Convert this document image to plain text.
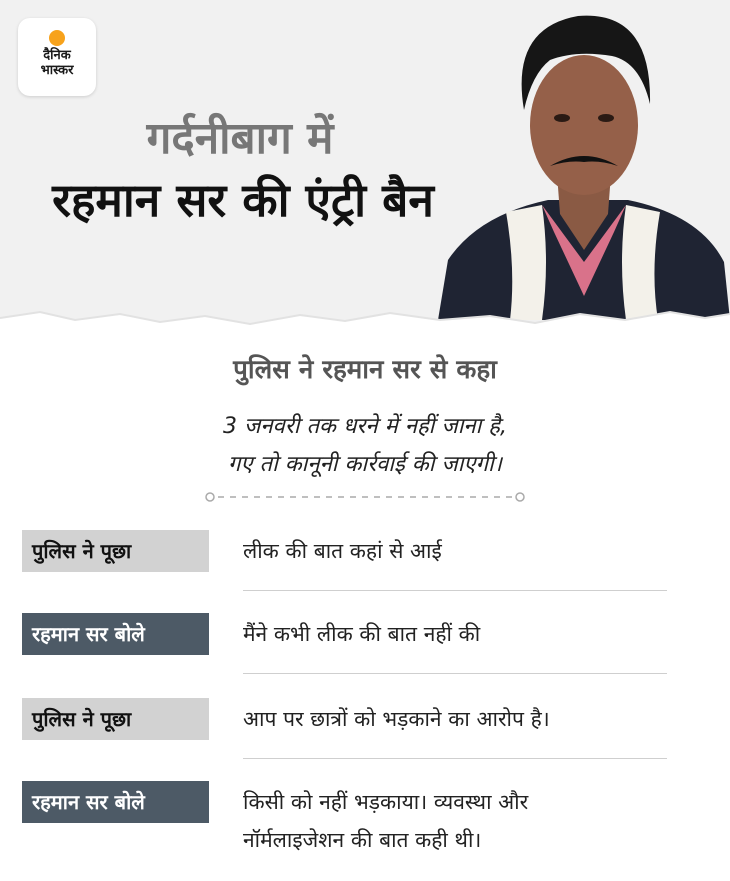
दैनिक
भास्कर
गर्दनीबाग में
रहमान सर की एंट्री बैन
पुलिस ने रहमान सर से कहा
3 जनवरी तक धरने में नहीं जाना है,
गए तो कानूनी कार्रवाई की जाएगी।
पुलिस ने पूछा	लीक की बात कहां से आई
रहमान सर बोले	मैंने कभी लीक की बात नहीं की
पुलिस ने पूछा	आप पर छात्रों को भड़काने का आरोप है।
रहमान सर बोले	किसी को नहीं भड़काया। व्यवस्था और
नॉर्मलाइजेशन की बात कही थी।
